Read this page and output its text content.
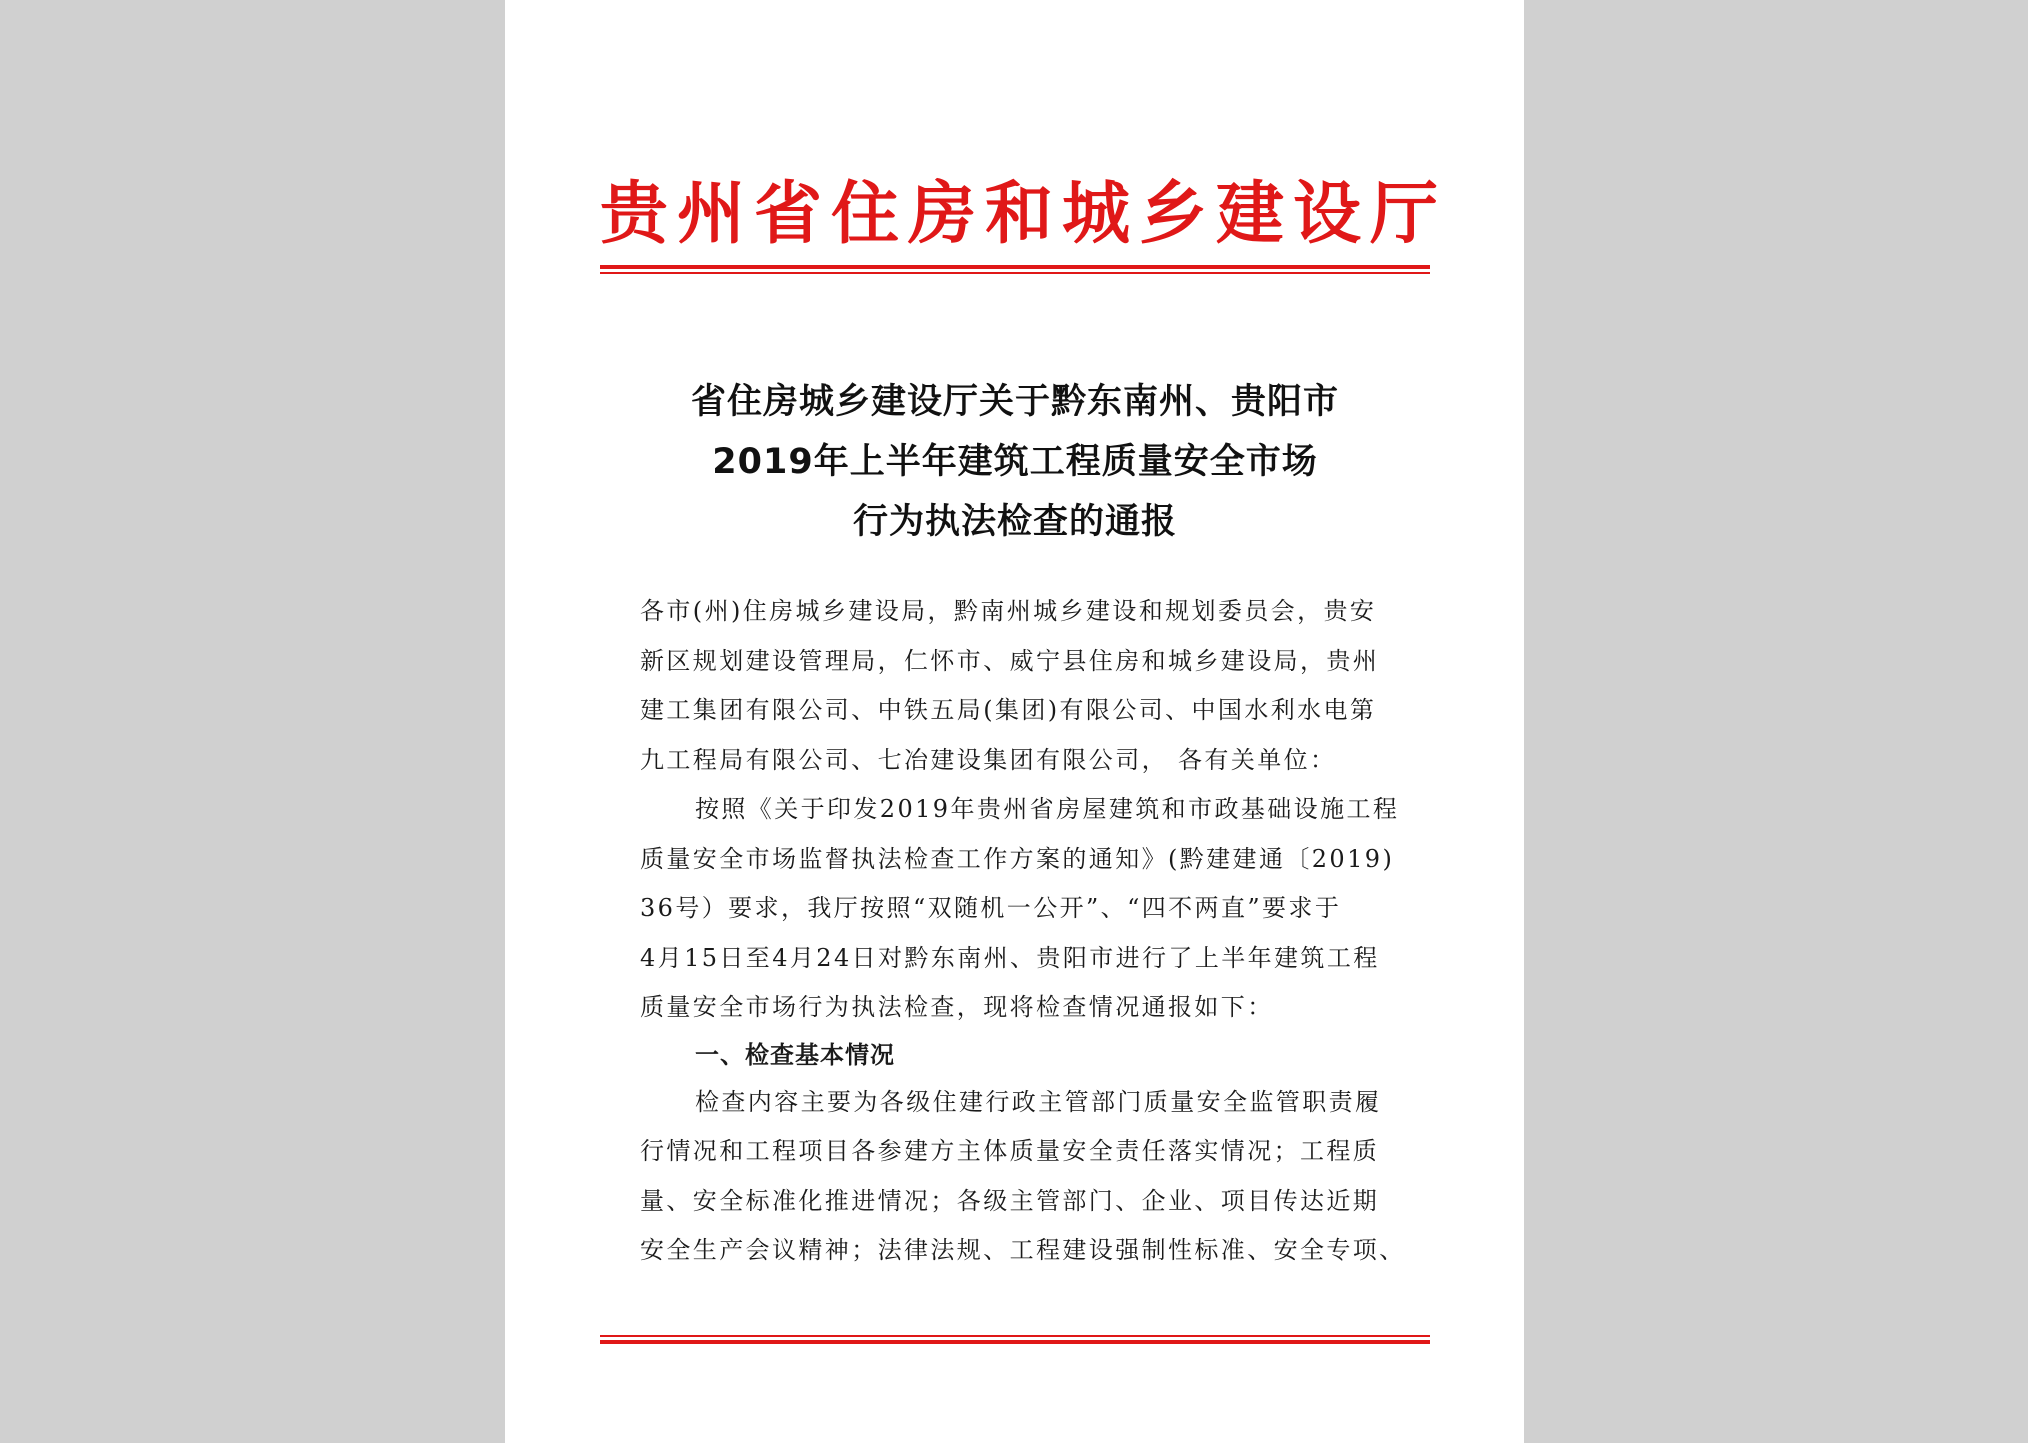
贵州省住房和城乡建设厅
省住房城乡建设厅关于黔东南州、贵阳市
2019年上半年建筑工程质量安全市场
行为执法检查的通报
各市(州)住房城乡建设局，黔南州城乡建设和规划委员会，贵安
新区规划建设管理局，仁怀市、威宁县住房和城乡建设局，贵州
建工集团有限公司、中铁五局(集团)有限公司、中国水利水电第
九工程局有限公司、七冶建设集团有限公司， 各有关单位：
按照《关于印发2019年贵州省房屋建筑和市政基础设施工程
质量安全市场监督执法检查工作方案的通知》(黔建建通〔2019)
36号）要求，我厅按照“双随机一公开”、“四不两直”要求于
4月15日至4月24日对黔东南州、贵阳市进行了上半年建筑工程
质量安全市场行为执法检查，现将检查情况通报如下：
一、检查基本情况
检查内容主要为各级住建行政主管部门质量安全监管职责履
行情况和工程项目各参建方主体质量安全责任落实情况；工程质
量、安全标准化推进情况；各级主管部门、企业、项目传达近期
安全生产会议精神；法律法规、工程建设强制性标准、安全专项、
